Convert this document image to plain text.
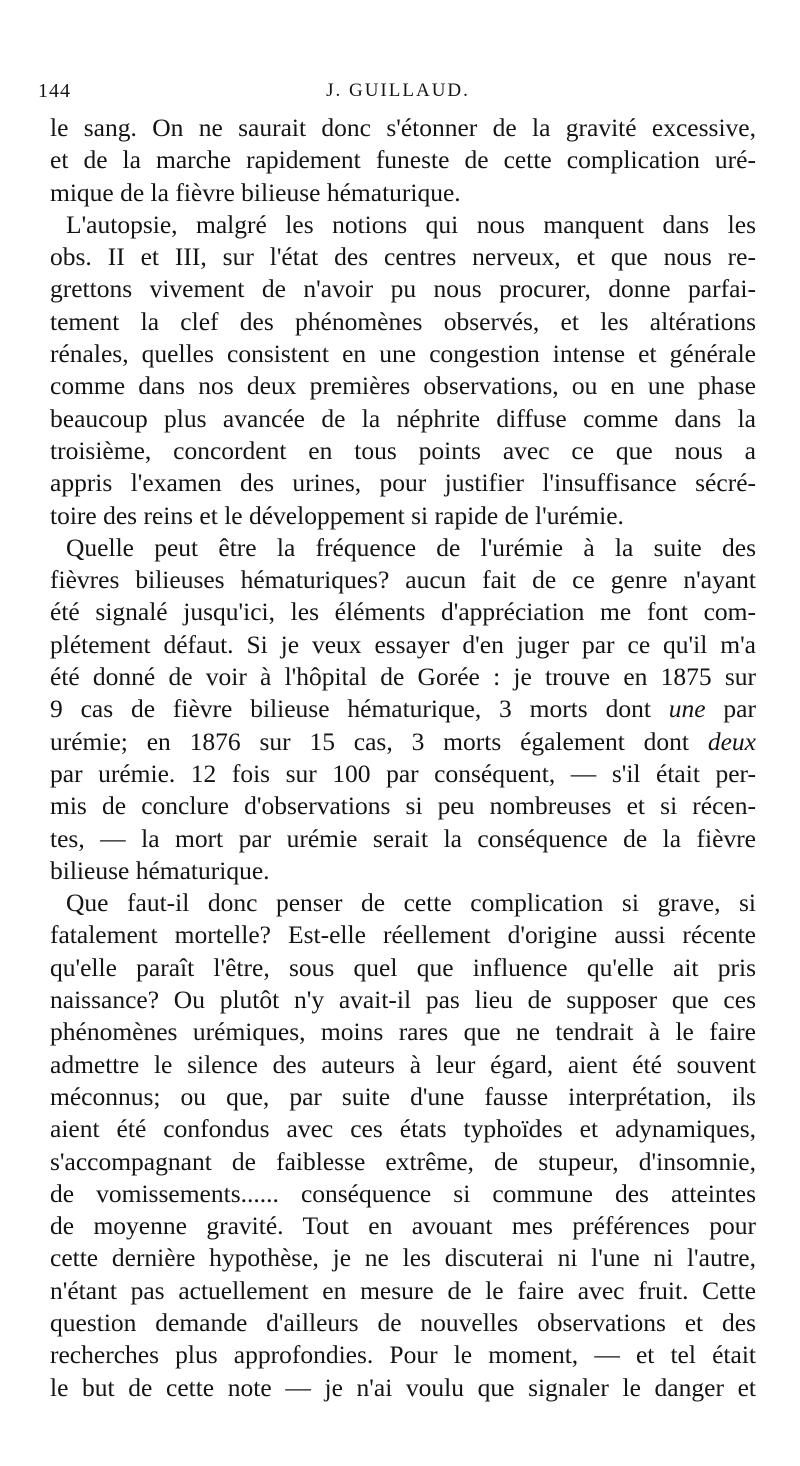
144	J. GUILLAUD.
le sang. On ne saurait donc s'étonner de la gravité excessive,
et de la marche rapidement funeste de cette complication uré-
mique de la fièvre bilieuse hématurique.
L'autopsie, malgré les notions qui nous manquent dans les
obs. II et III, sur l'état des centres nerveux, et que nous re-
grettons vivement de n'avoir pu nous procurer, donne parfai-
tement la clef des phénomènes observés, et les altérations
rénales, quelles consistent en une congestion intense et générale
comme dans nos deux premières observations, ou en une phase
beaucoup plus avancée de la néphrite diffuse comme dans la
troisième, concordent en tous points avec ce que nous a
appris l'examen des urines, pour justifier l'insuffisance sécré-
toire des reins et le développement si rapide de l'urémie.
Quelle peut être la fréquence de l'urémie à la suite des
fièvres bilieuses hématuriques? aucun fait de ce genre n'ayant
été signalé jusqu'ici, les éléments d'appréciation me font com-
plétement défaut. Si je veux essayer d'en juger par ce qu'il m'a
été donné de voir à l'hôpital de Gorée : je trouve en 1875 sur
9 cas de fièvre bilieuse hématurique, 3 morts dont une par
urémie; en 1876 sur 15 cas, 3 morts également dont deux
par urémie. 12 fois sur 100 par conséquent, — s'il était per-
mis de conclure d'observations si peu nombreuses et si récen-
tes, — la mort par urémie serait la conséquence de la fièvre
bilieuse hématurique.
Que faut-il donc penser de cette complication si grave, si
fatalement mortelle? Est-elle réellement d'origine aussi récente
qu'elle paraît l'être, sous quel que influence qu'elle ait pris
naissance? Ou plutôt n'y avait-il pas lieu de supposer que ces
phénomènes urémiques, moins rares que ne tendrait à le faire
admettre le silence des auteurs à leur égard, aient été souvent
méconnus; ou que, par suite d'une fausse interprétation, ils
aient été confondus avec ces états typhoïdes et adynamiques,
s'accompagnant de faiblesse extrême, de stupeur, d'insomnie,
de vomissements...... conséquence si commune des atteintes
de moyenne gravité. Tout en avouant mes préférences pour
cette dernière hypothèse, je ne les discuterai ni l'une ni l'autre,
n'étant pas actuellement en mesure de le faire avec fruit. Cette
question demande d'ailleurs de nouvelles observations et des
recherches plus approfondies. Pour le moment, — et tel était
le but de cette note — je n'ai voulu que signaler le danger et
